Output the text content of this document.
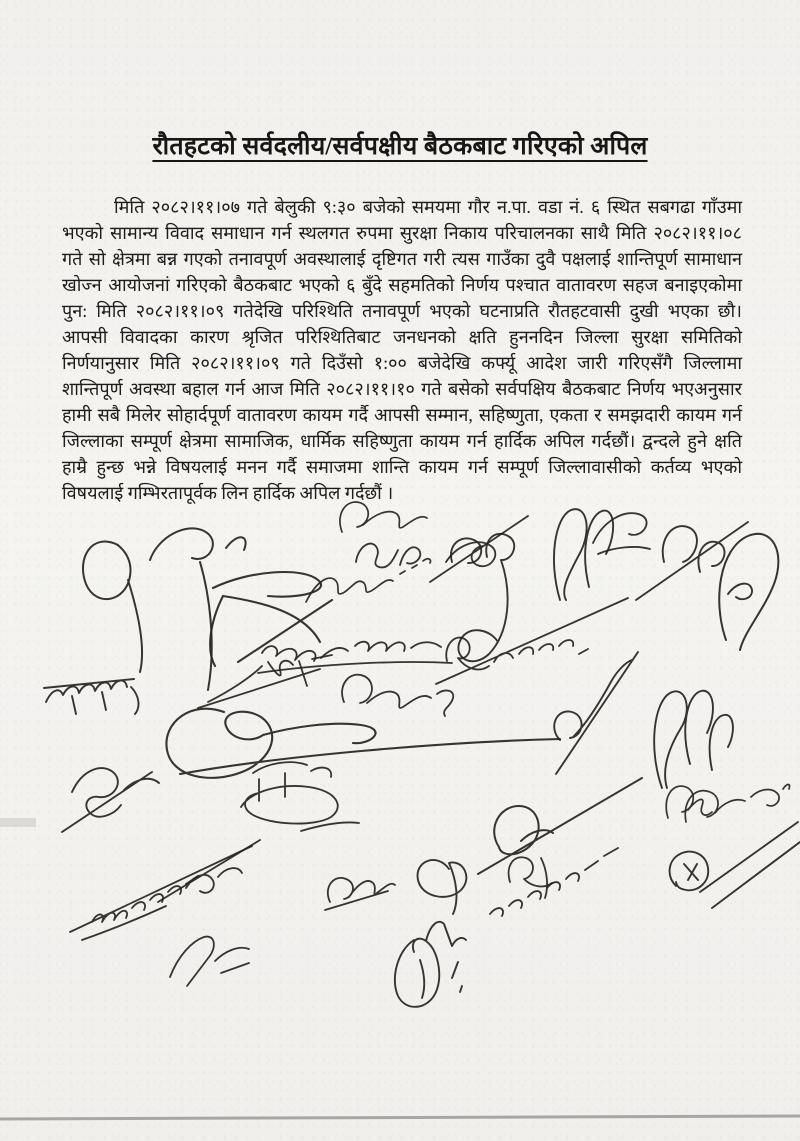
रौतहटको सर्वदलीय/सर्वपक्षीय बैठकबाट गरिएको अपिल
मिति २०८२।११।०७ गते बेलुकी ९:३० बजेको समयमा गौर न.पा. वडा नं. ६ स्थित सबगढा गाँउमा
भएको सामान्य विवाद समाधान गर्न स्थलगत रुपमा सुरक्षा निकाय परिचालनका साथै मिति २०८२।११।०८
गते सो क्षेत्रमा बन्न गएको तनावपूर्ण अवस्थालाई दृष्टिगत गरी त्यस गाउँका दुवै पक्षलाई शान्तिपूर्ण सामाधान
खोज्न आयोजनां गरिएको बैठकबाट भएको ६ बुँदे सहमतिको निर्णय पश्चात वातावरण सहज बनाइएकोमा
पुन: मिति २०८२।११।०९ गतेदेखि परिश्थिति तनावपूर्ण भएको घटनाप्रति रौतहटवासी दुखी भएका छौ।
आपसी विवादका कारण श्रृजित परिश्थितिबाट जनधनको क्षति हुननदिन जिल्ला सुरक्षा समितिको
निर्णयानुसार मिति २०८२।११।०९ गते दिउँसो १:०० बजेदेखि कर्फ्यू आदेश जारी गरिएसँगै जिल्लामा
शान्तिपूर्ण अवस्था बहाल गर्न आज मिति २०८२।११।१० गते बसेको सर्वपक्षिय बैठकबाट निर्णय भएअनुसार
हामी सबै मिलेर सोहार्दपूर्ण वातावरण कायम गर्दै आपसी सम्मान, सहिष्णुता, एकता र समझदारी कायम गर्न
जिल्लाका सम्पूर्ण क्षेत्रमा सामाजिक, धार्मिक सहिष्णुता कायम गर्न हार्दिक अपिल गर्दछौं। द्वन्दले हुने क्षति
हाम्रै हुन्छ भन्ने विषयलाई मनन गर्दै समाजमा शान्ति कायम गर्न सम्पूर्ण जिल्लावासीको कर्तव्य भएको
विषयलाई गम्भिरतापूर्वक लिन हार्दिक अपिल गर्दछौं ।
